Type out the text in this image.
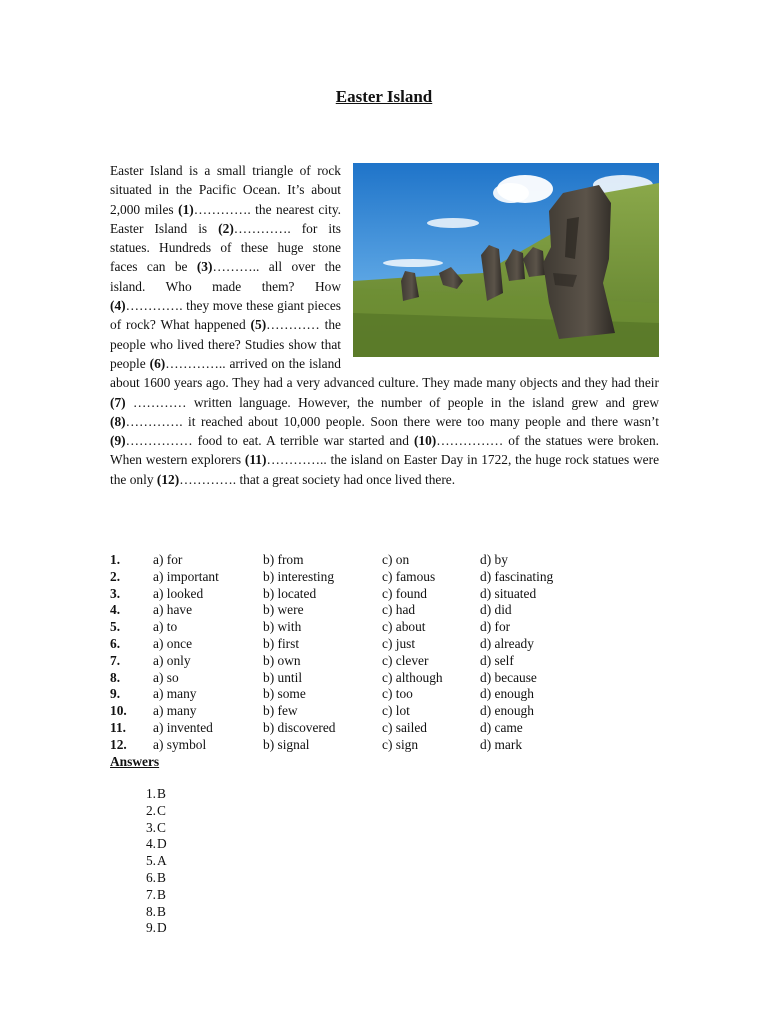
Easter Island
Easter Island is a small triangle of rock situated in the Pacific Ocean. It’s about 2,000 miles (1)…………. the nearest city. Easter Island is (2)…………. for its statues. Hundreds of these huge stone faces can be (3)……….. all over the island. Who made them? How (4)…………. they move these giant pieces of rock? What happened (5)………… the people who lived there? Studies show that people (6)………….. arrived on the island about 1600 years ago. They had a very advanced culture. They made many objects and they had their (7) ………… written language. However, the number of people in the island grew and grew (8)…………. it reached about 10,000 people. Soon there were too many people and there wasn’t (9)…………… food to eat. A terrible war started and (10)…………… of the statues were broken. When western explorers (11)………….. the island on Easter Day in 1722, the huge rock statues were the only (12)…………. that a great society had once lived there.
1. a) for	b) from	c) on	d) by
2. a) important	b) interesting	c) famous	d) fascinating
3. a) looked	b) located	c) found	d) situated
4. a) have	b) were	c) had	d) did
5. a) to	b) with	c) about	d) for
6. a) once	b) first	c) just	d) already
7. a) only	b) own	c) clever	d) self
8. a) so	b) until	c) although	d) because
9. a) many	b) some	c) too	d) enough
10. a) many	b) few	c) lot	d) enough
11. a) invented	b) discovered	c) sailed	d) came
12. a) symbol	b) signal	c) sign	d) mark
Answers
1. B
2. C
3. C
4. D
5. A
6. B
7. B
8. B
9. D
